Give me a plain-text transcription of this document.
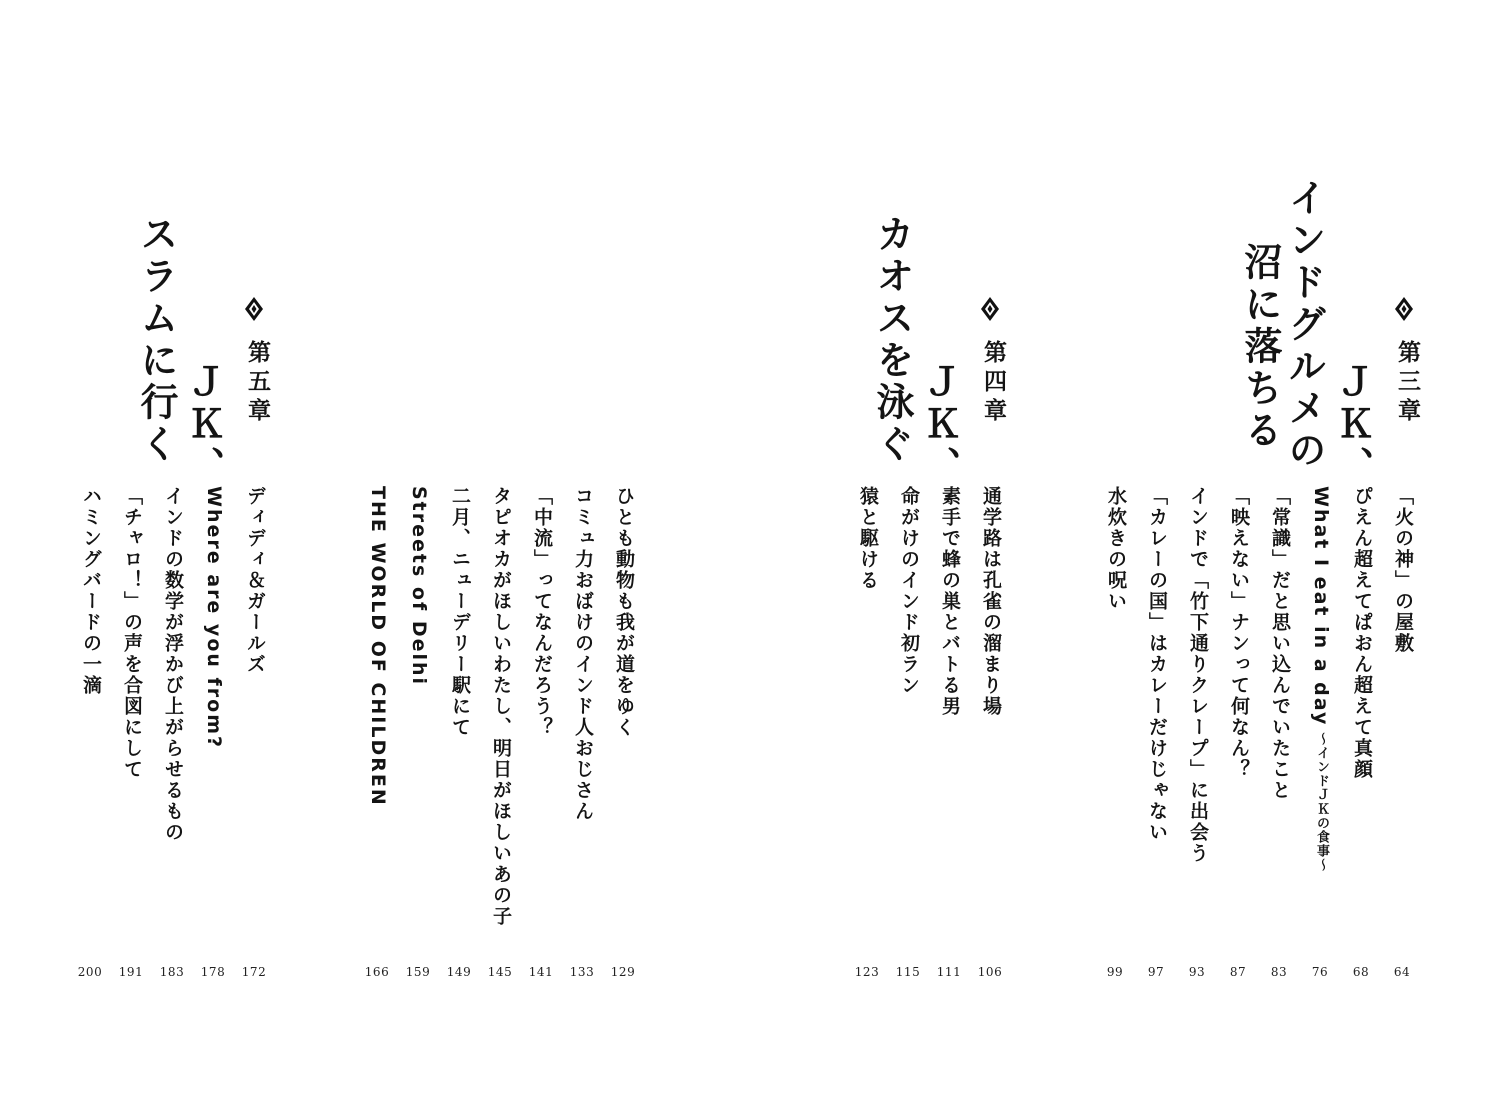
第三章
ＪＫ、
インドグルメの
沼に落ちる
「火の神」の屋敷
ぴえん超えてぱおん超えて真顔
What I eat in a day～インドＪＫの食事～
「常識」だと思い込んでいたこと
「映えない」ナンって何なん？
インドで「竹下通りクレープ」に出会う
「カレーの国」はカレーだけじゃない
水炊きの呪い
64
68
76
83
87
93
97
99
第四章
ＪＫ、
カオスを泳ぐ
通学路は孔雀の溜まり場
素手で蜂の巣とバトる男
命がけのインド初ラン
猿と駆ける
ひとも動物も我が道をゆく
コミュ力おばけのインド人おじさん
「中流」ってなんだろう？
タピオカがほしいわたし、明日がほしいあの子
二月、ニューデリー駅にて
Streets of Delhi
THE WORLD OF CHILDREN
106
111
115
123
129
133
141
145
149
159
166
第五章
ＪＫ、
スラムに行く
ディディ＆ガールズ
Where are you from?
インドの数学が浮かび上がらせるもの
「チャロ！」の声を合図にして
ハミングバードの一滴
172
178
183
191
200
